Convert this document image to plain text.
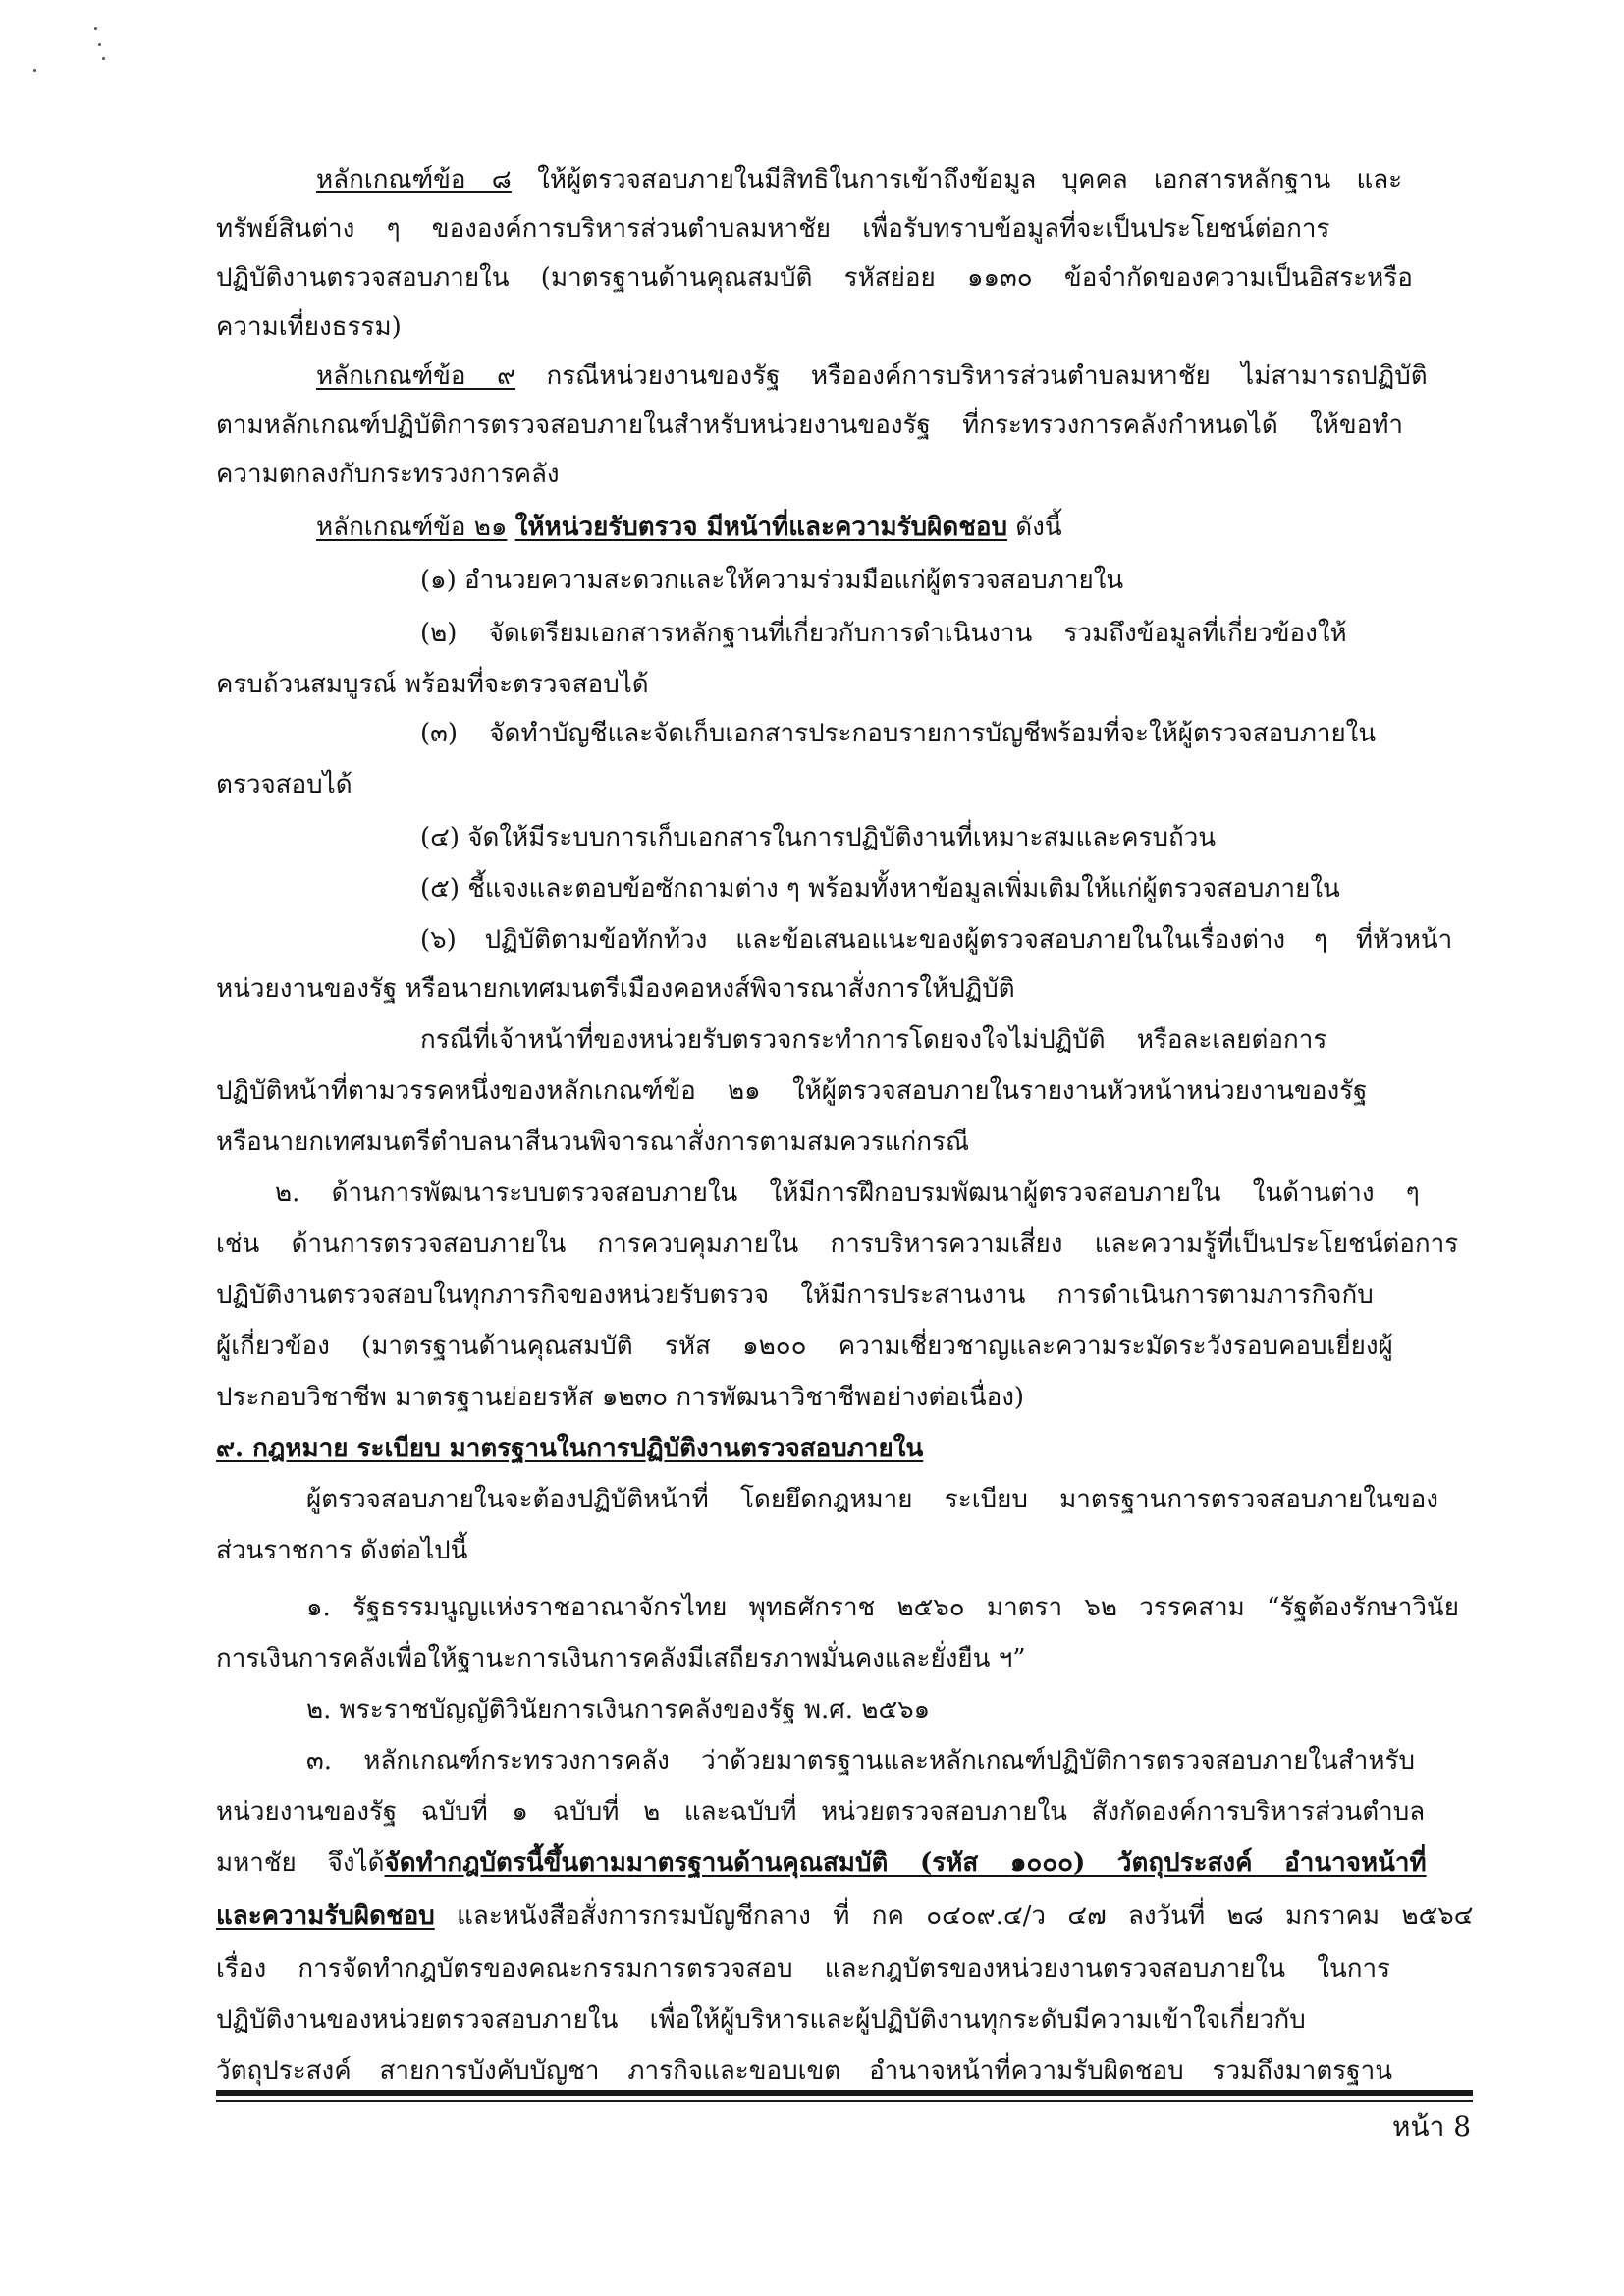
หลักเกณฑ์ข้อ ๘ ให้ผู้ตรวจสอบภายในมีสิทธิในการเข้าถึงข้อมูล บุคคล เอกสารหลักฐาน และ
ทรัพย์สินต่าง ๆ ขององค์การบริหารส่วนตำบลมหาชัย เพื่อรับทราบข้อมูลที่จะเป็นประโยชน์ต่อการ
ปฏิบัติงานตรวจสอบภายใน (มาตรฐานด้านคุณสมบัติ รหัสย่อย ๑๑๓๐ ข้อจำกัดของความเป็นอิสระหรือ
ความเที่ยงธรรม)
หลักเกณฑ์ข้อ ๙ กรณีหน่วยงานของรัฐ หรือองค์การบริหารส่วนตำบลมหาชัย ไม่สามารถปฏิบัติ
ตามหลักเกณฑ์ปฏิบัติการตรวจสอบภายในสำหรับหน่วยงานของรัฐ ที่กระทรวงการคลังกำหนดได้ ให้ขอทำ
ความตกลงกับกระทรวงการคลัง
หลักเกณฑ์ข้อ ๒๑ ให้หน่วยรับตรวจ มีหน้าที่และความรับผิดชอบ ดังนี้
(๑) อำนวยความสะดวกและให้ความร่วมมือแก่ผู้ตรวจสอบภายใน
(๒) จัดเตรียมเอกสารหลักฐานที่เกี่ยวกับการดำเนินงาน รวมถึงข้อมูลที่เกี่ยวข้องให้
ครบถ้วนสมบูรณ์ พร้อมที่จะตรวจสอบได้
(๓) จัดทำบัญชีและจัดเก็บเอกสารประกอบรายการบัญชีพร้อมที่จะให้ผู้ตรวจสอบภายใน
ตรวจสอบได้
(๔) จัดให้มีระบบการเก็บเอกสารในการปฏิบัติงานที่เหมาะสมและครบถ้วน
(๕) ชี้แจงและตอบข้อซักถามต่าง ๆ พร้อมทั้งหาข้อมูลเพิ่มเติมให้แก่ผู้ตรวจสอบภายใน
(๖) ปฏิบัติตามข้อทักท้วง และข้อเสนอแนะของผู้ตรวจสอบภายในในเรื่องต่าง ๆ ที่หัวหน้า
หน่วยงานของรัฐ หรือนายกเทศมนตรีเมืองคอหงส์พิจารณาสั่งการให้ปฏิบัติ
กรณีที่เจ้าหน้าที่ของหน่วยรับตรวจกระทำการโดยจงใจไม่ปฏิบัติ หรือละเลยต่อการ
ปฏิบัติหน้าที่ตามวรรคหนึ่งของหลักเกณฑ์ข้อ ๒๑ ให้ผู้ตรวจสอบภายในรายงานหัวหน้าหน่วยงานของรัฐ
หรือนายกเทศมนตรีตำบลนาสีนวนพิจารณาสั่งการตามสมควรแก่กรณี
๒. ด้านการพัฒนาระบบตรวจสอบภายใน ให้มีการฝึกอบรมพัฒนาผู้ตรวจสอบภายใน ในด้านต่าง ๆ
เช่น ด้านการตรวจสอบภายใน การควบคุมภายใน การบริหารความเสี่ยง และความรู้ที่เป็นประโยชน์ต่อการ
ปฏิบัติงานตรวจสอบในทุกภารกิจของหน่วยรับตรวจ ให้มีการประสานงาน การดำเนินการตามภารกิจกับ
ผู้เกี่ยวข้อง (มาตรฐานด้านคุณสมบัติ รหัส ๑๒๐๐ ความเชี่ยวชาญและความระมัดระวังรอบคอบเยี่ยงผู้
ประกอบวิชาชีพ มาตรฐานย่อยรหัส ๑๒๓๐ การพัฒนาวิชาชีพอย่างต่อเนื่อง)
๙. กฎหมาย ระเบียบ มาตรฐานในการปฏิบัติงานตรวจสอบภายใน
ผู้ตรวจสอบภายในจะต้องปฏิบัติหน้าที่ โดยยึดกฎหมาย ระเบียบ มาตรฐานการตรวจสอบภายในของ
ส่วนราชการ ดังต่อไปนี้
๑. รัฐธรรมนูญแห่งราชอาณาจักรไทย พุทธศักราช ๒๕๖๐ มาตรา ๖๒ วรรคสาม “รัฐต้องรักษาวินัย
การเงินการคลังเพื่อให้ฐานะการเงินการคลังมีเสถียรภาพมั่นคงและยั่งยืน ฯ”
๒. พระราชบัญญัติวินัยการเงินการคลังของรัฐ พ.ศ. ๒๕๖๑
๓. หลักเกณฑ์กระทรวงการคลัง ว่าด้วยมาตรฐานและหลักเกณฑ์ปฏิบัติการตรวจสอบภายในสำหรับ
หน่วยงานของรัฐ ฉบับที่ ๑ ฉบับที่ ๒ และฉบับที่ หน่วยตรวจสอบภายใน สังกัดองค์การบริหารส่วนตำบล
มหาชัย จึงได้จัดทำกฎบัตรนี้ขึ้นตามมาตรฐานด้านคุณสมบัติ (รหัส ๑๐๐๐) วัตถุประสงค์ อำนาจหน้าที่
และความรับผิดชอบ และหนังสือสั่งการกรมบัญชีกลาง ที่ กค ๐๔๐๙.๔/ว ๔๗ ลงวันที่ ๒๘ มกราคม ๒๕๖๔
เรื่อง การจัดทำกฎบัตรของคณะกรรมการตรวจสอบ และกฎบัตรของหน่วยงานตรวจสอบภายใน ในการ
ปฏิบัติงานของหน่วยตรวจสอบภายใน เพื่อให้ผู้บริหารและผู้ปฏิบัติงานทุกระดับมีความเข้าใจเกี่ยวกับ
วัตถุประสงค์ สายการบังคับบัญชา ภารกิจและขอบเขต อำนาจหน้าที่ความรับผิดชอบ รวมถึงมาตรฐาน
หน้า 8
